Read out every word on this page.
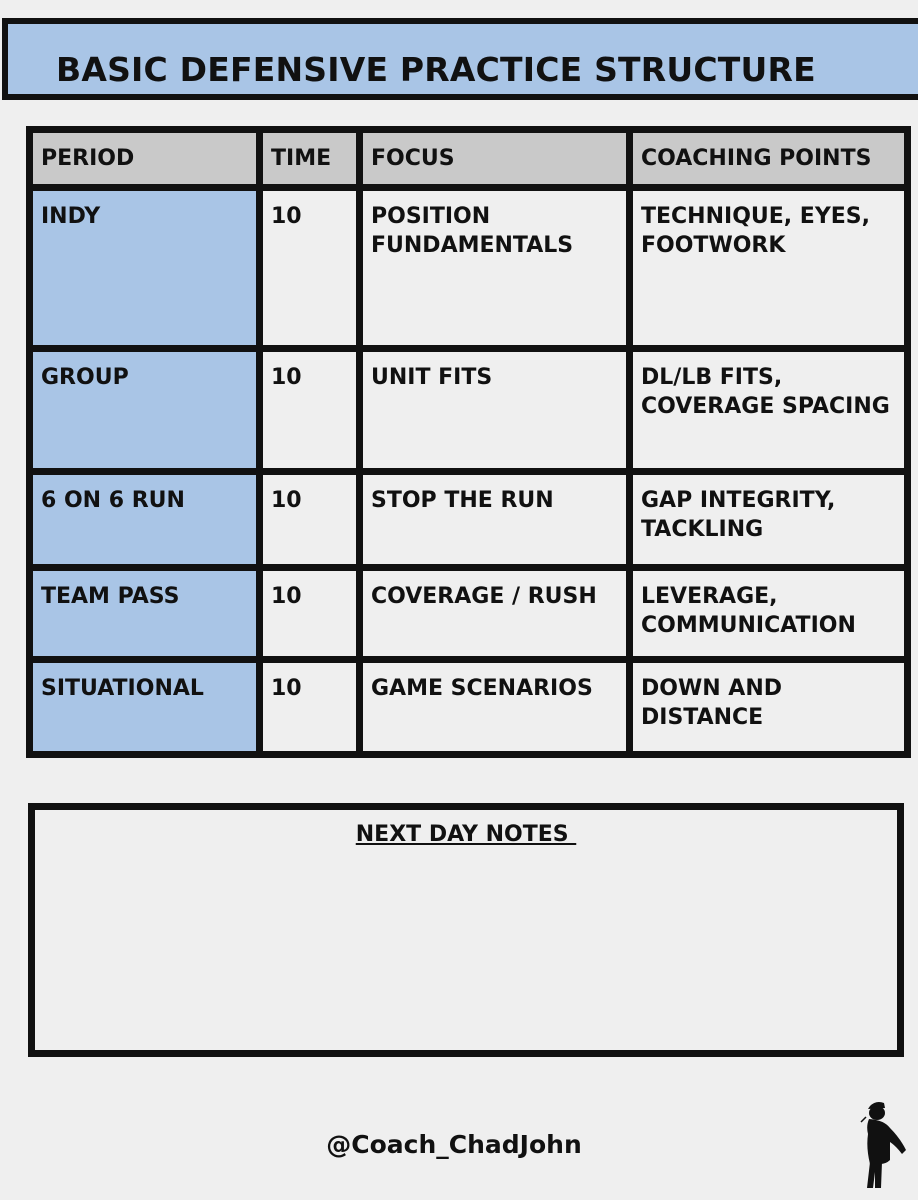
BASIC DEFENSIVE PRACTICE STRUCTURE
PERIOD	TIME	FOCUS	COACHING POINTS
INDY	10	POSITION FUNDAMENTALS	TECHNIQUE, EYES, FOOTWORK
GROUP	10	UNIT FITS	DL/LB FITS, COVERAGE SPACING
6 ON 6 RUN	10	STOP THE RUN	GAP INTEGRITY, TACKLING
TEAM PASS	10	COVERAGE / RUSH	LEVERAGE, COMMUNICATION
SITUATIONAL	10	GAME SCENARIOS	DOWN AND DISTANCE
NEXT DAY NOTES
@Coach_ChadJohn
